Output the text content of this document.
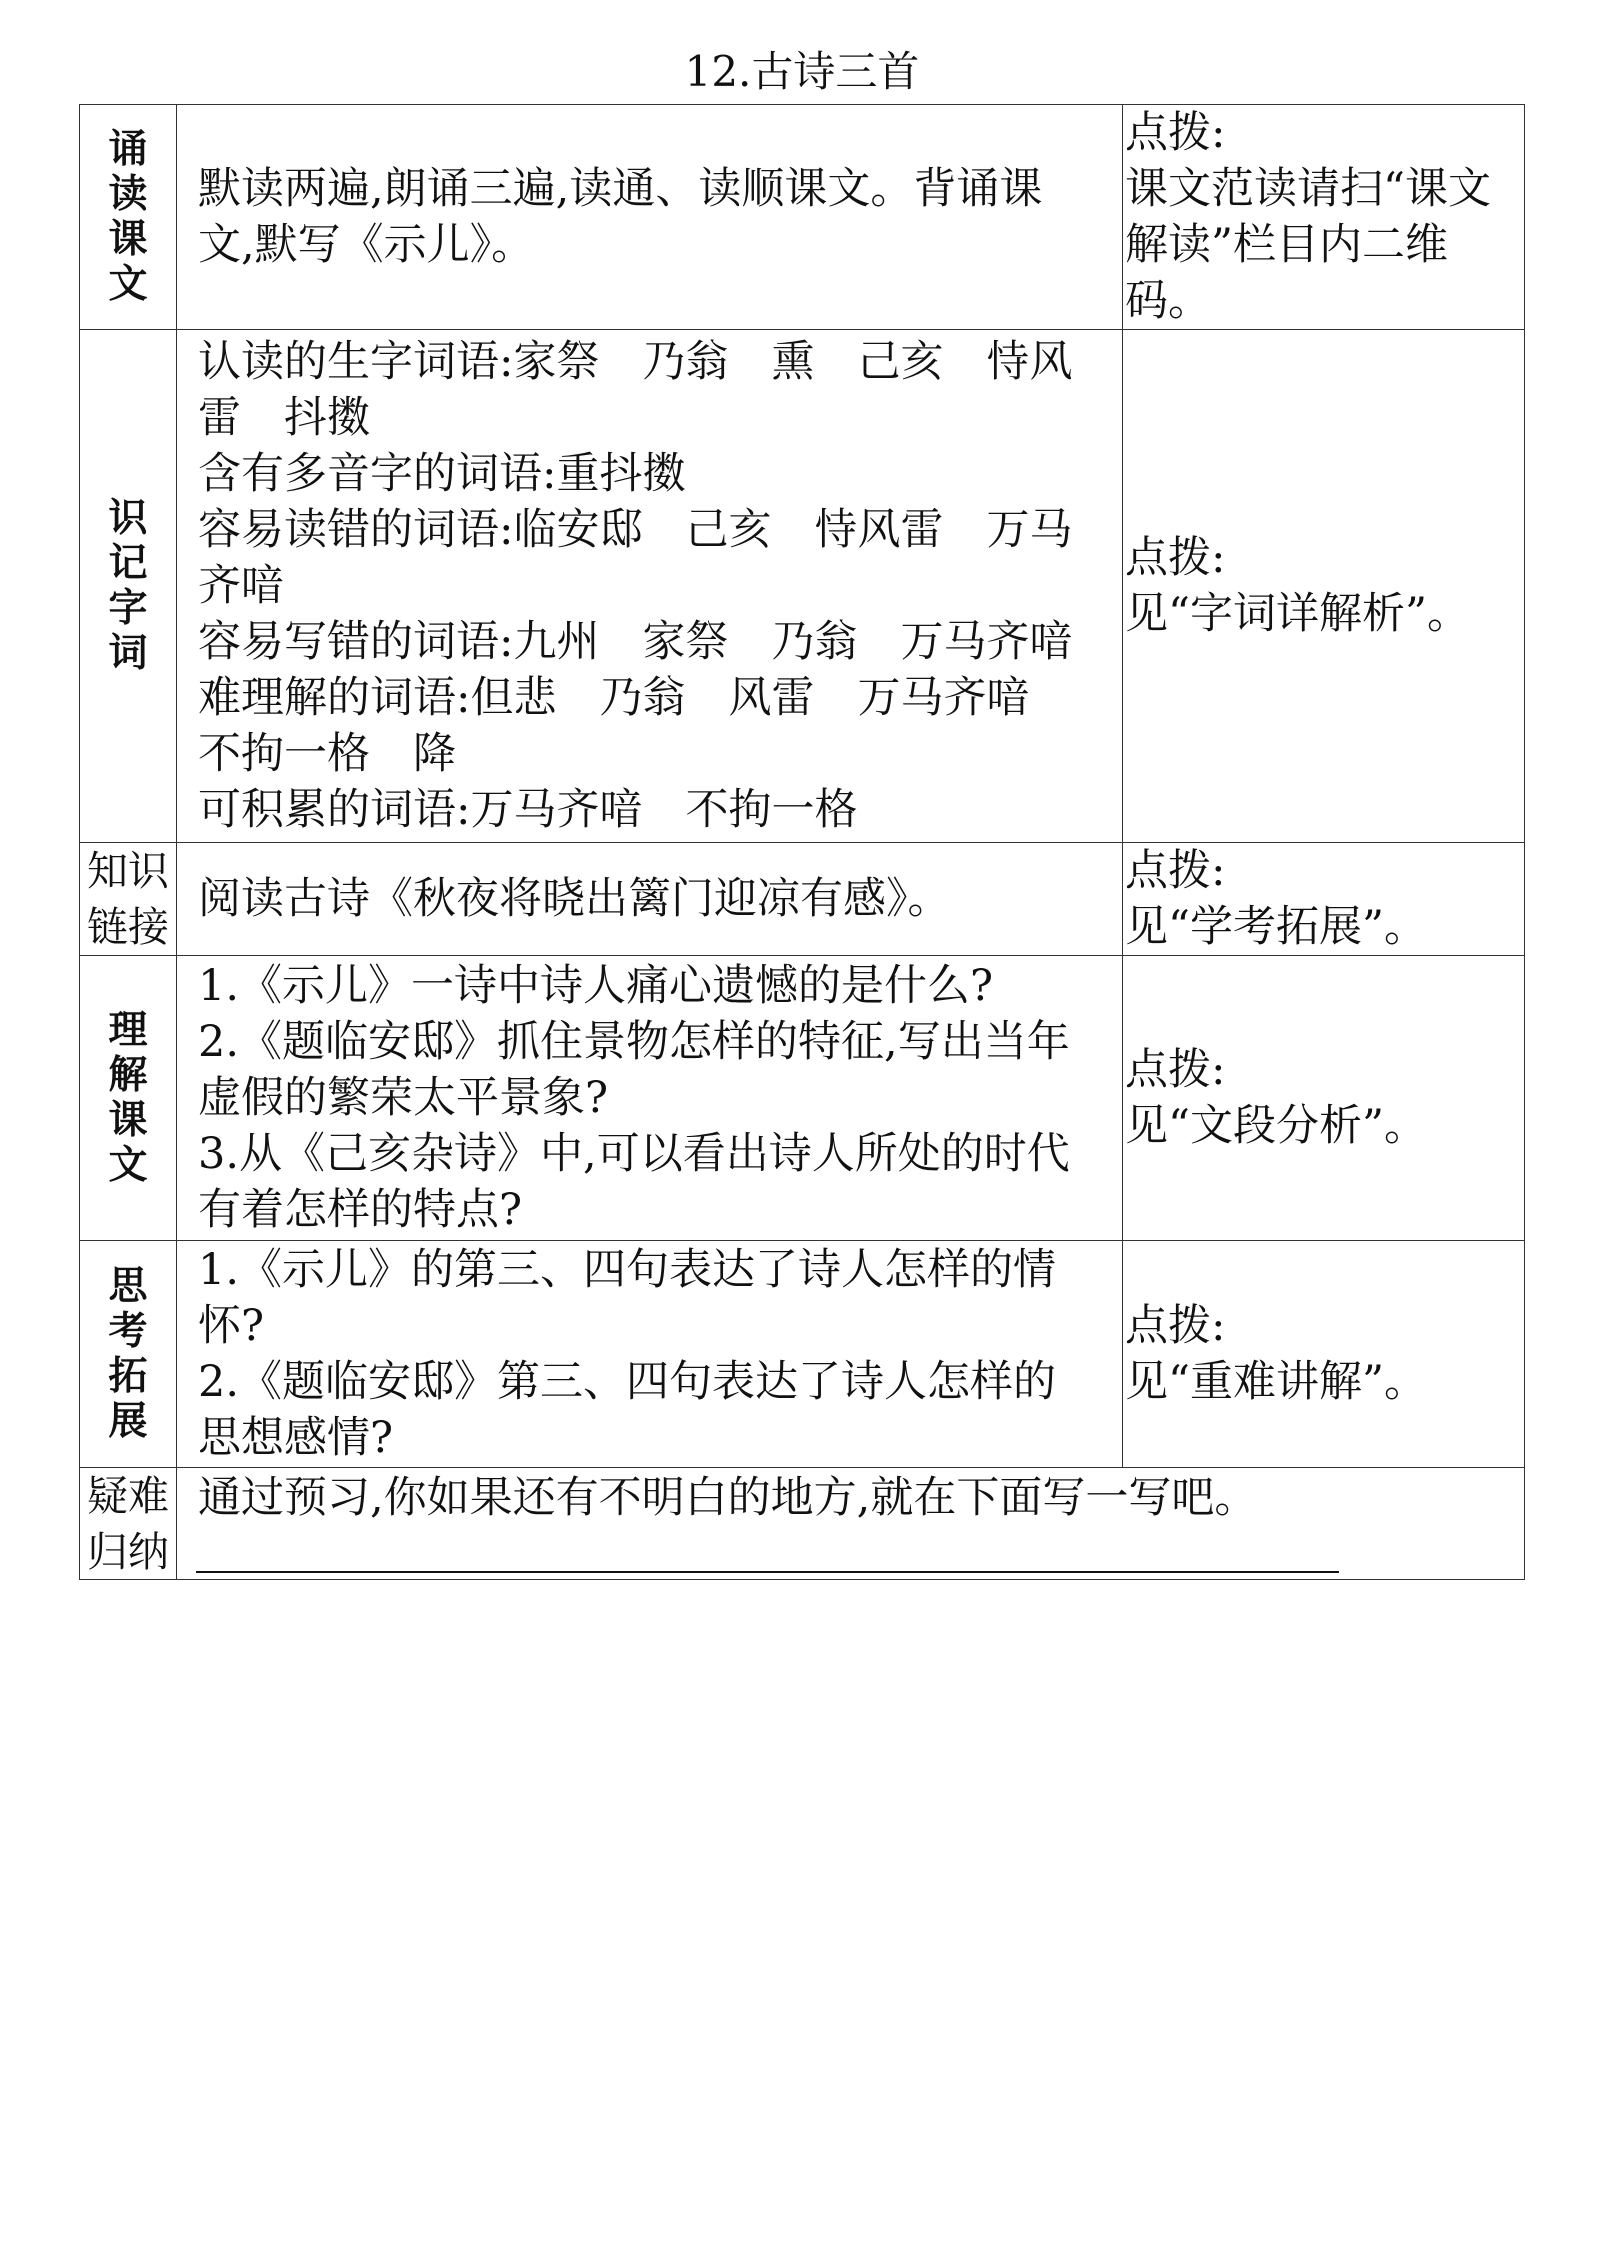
12.古诗三首
诵读课文
默读两遍,朗诵三遍,读通、读顺课文。背诵课
文,默写《示儿》。
点拨:
课文范读请扫“课文
解读”栏目内二维
码。
识记字词
认读的生字词语:家祭　乃翁　熏　己亥　恃风
雷　抖擞
含有多音字的词语:重抖擞
容易读错的词语:临安邸　己亥　恃风雷　万马
齐喑
容易写错的词语:九州　家祭　乃翁　万马齐喑
难理解的词语:但悲　乃翁　风雷　万马齐喑
不拘一格　降
可积累的词语:万马齐喑　不拘一格
点拨:
见“字词详解析”。
知识链接
阅读古诗《秋夜将晓出篱门迎凉有感》。
点拨:
见“学考拓展”。
理解课文
1.《示儿》一诗中诗人痛心遗憾的是什么?
2.《题临安邸》抓住景物怎样的特征,写出当年
虚假的繁荣太平景象?
3.从《己亥杂诗》中,可以看出诗人所处的时代
有着怎样的特点?
点拨:
见“文段分析”。
思考拓展
1.《示儿》的第三、四句表达了诗人怎样的情
怀?
2.《题临安邸》第三、四句表达了诗人怎样的
思想感情?
点拨:
见“重难讲解”。
疑难归纳
通过预习,你如果还有不明白的地方,就在下面写一写吧。
